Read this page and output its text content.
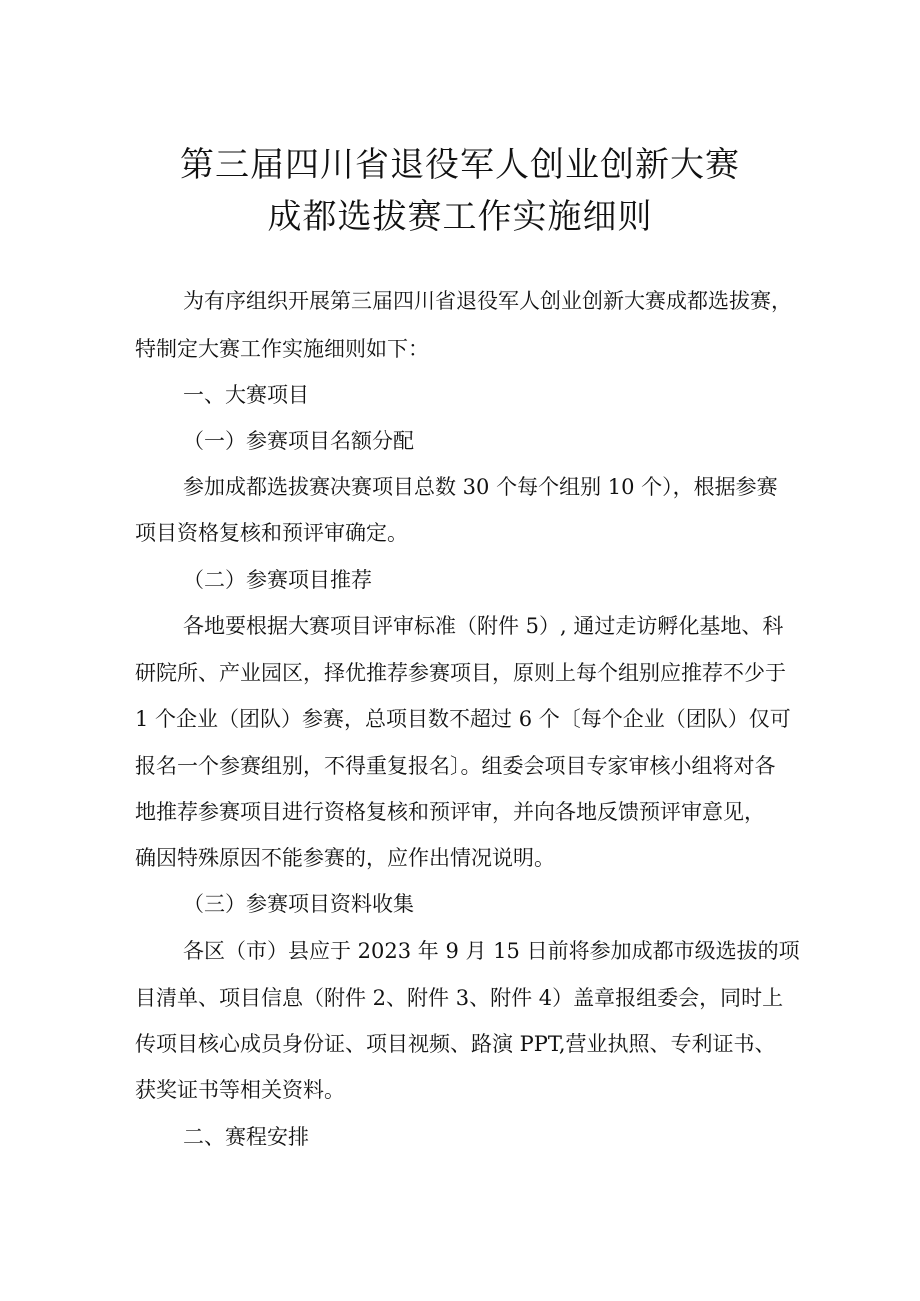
第三届四川省退役军人创业创新大赛
成都选拔赛工作实施细则
为有序组织开展第三届四川省退役军人创业创新大赛成都选拔赛，
特制定大赛工作实施细则如下：
一、大赛项目
（一）参赛项目名额分配
参加成都选拔赛决赛项目总数 30 个每个组别 10 个），根据参赛
项目资格复核和预评审确定。
（二）参赛项目推荐
各地要根据大赛项目评审标准（附件 5）, 通过走访孵化基地、科
研院所、产业园区，择优推荐参赛项目，原则上每个组别应推荐不少于
1 个企业（团队）参赛，总项目数不超过 6 个〔每个企业（团队）仅可
报名一个参赛组别，不得重复报名〕。组委会项目专家审核小组将对各
地推荐参赛项目进行资格复核和预评审，并向各地反馈预评审意见，
确因特殊原因不能参赛的，应作出情况说明。
（三）参赛项目资料收集
各区（市）县应于 2023 年 9 月 15 日前将参加成都市级选拔的项
目清单、项目信息（附件 2、附件 3、附件 4）盖章报组委会，同时上
传项目核心成员身份证、项目视频、路演 PPT,营业执照、专利证书、
获奖证书等相关资料。
二、赛程安排
